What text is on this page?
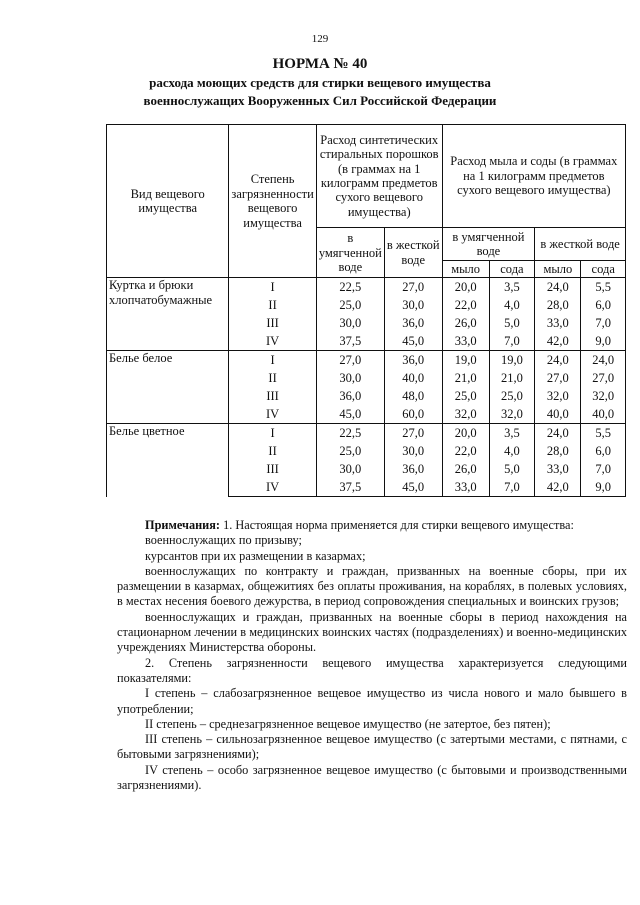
129
НОРМА № 40
расхода моющих средств для стирки вещевого имущества
военнослужащих Вооруженных Сил Российской Федерации
Вид вещевого имущества	Степень загрязненности вещевого имущества	Расход синтетических стиральных порошков (в граммах на 1 килограмм предметов сухого вещевого имущества)		Расход мыла и соды (в граммах на 1 килограмм предметов сухого вещевого имущества)			
		в умягченной воде	в жесткой воде	в умягченной воде		в жесткой воде	
				мыло	сода	мыло	сода
Куртка и брюки хлопчатобумажные	I	22,5	27,0	20,0	3,5	24,0	5,5
	II	25,0	30,0	22,0	4,0	28,0	6,0
	III	30,0	36,0	26,0	5,0	33,0	7,0
	IV	37,5	45,0	33,0	7,0	42,0	9,0
Белье белое	I	27,0	36,0	19,0	19,0	24,0	24,0
	II	30,0	40,0	21,0	21,0	27,0	27,0
	III	36,0	48,0	25,0	25,0	32,0	32,0
	IV	45,0	60,0	32,0	32,0	40,0	40,0
Белье цветное	I	22,5	27,0	20,0	3,5	24,0	5,5
	II	25,0	30,0	22,0	4,0	28,0	6,0
	III	30,0	36,0	26,0	5,0	33,0	7,0
	IV	37,5	45,0	33,0	7,0	42,0	9,0

Примечания: 1. Настоящая норма применяется для стирки вещевого имущества:

военнослужащих по призыву;

курсантов при их размещении в казармах;

военнослужащих по контракту и граждан, призванных на военные сборы, при их размещении в казармах, общежитиях без оплаты проживания, на кораблях, в полевых условиях, в местах несения боевого дежурства, в период сопровождения специальных и воинских грузов;

военнослужащих и граждан, призванных на военные сборы в период нахождения на стационарном лечении в медицинских воинских частях (подразделениях) и военно-медицинских учреждениях Министерства обороны.

2. Степень загрязненности вещевого имущества характеризуется следующими показателями:

I степень – слабозагрязненное вещевое имущество из числа нового и мало бывшего в употреблении;

II степень – среднезагрязненное вещевое имущество (не затертое, без пятен);

III степень – сильнозагрязненное вещевое имущество (с затертыми местами, с пятнами, с бытовыми загрязнениями);

IV степень – особо загрязненное вещевое имущество (с бытовыми и производственными загрязнениями).
